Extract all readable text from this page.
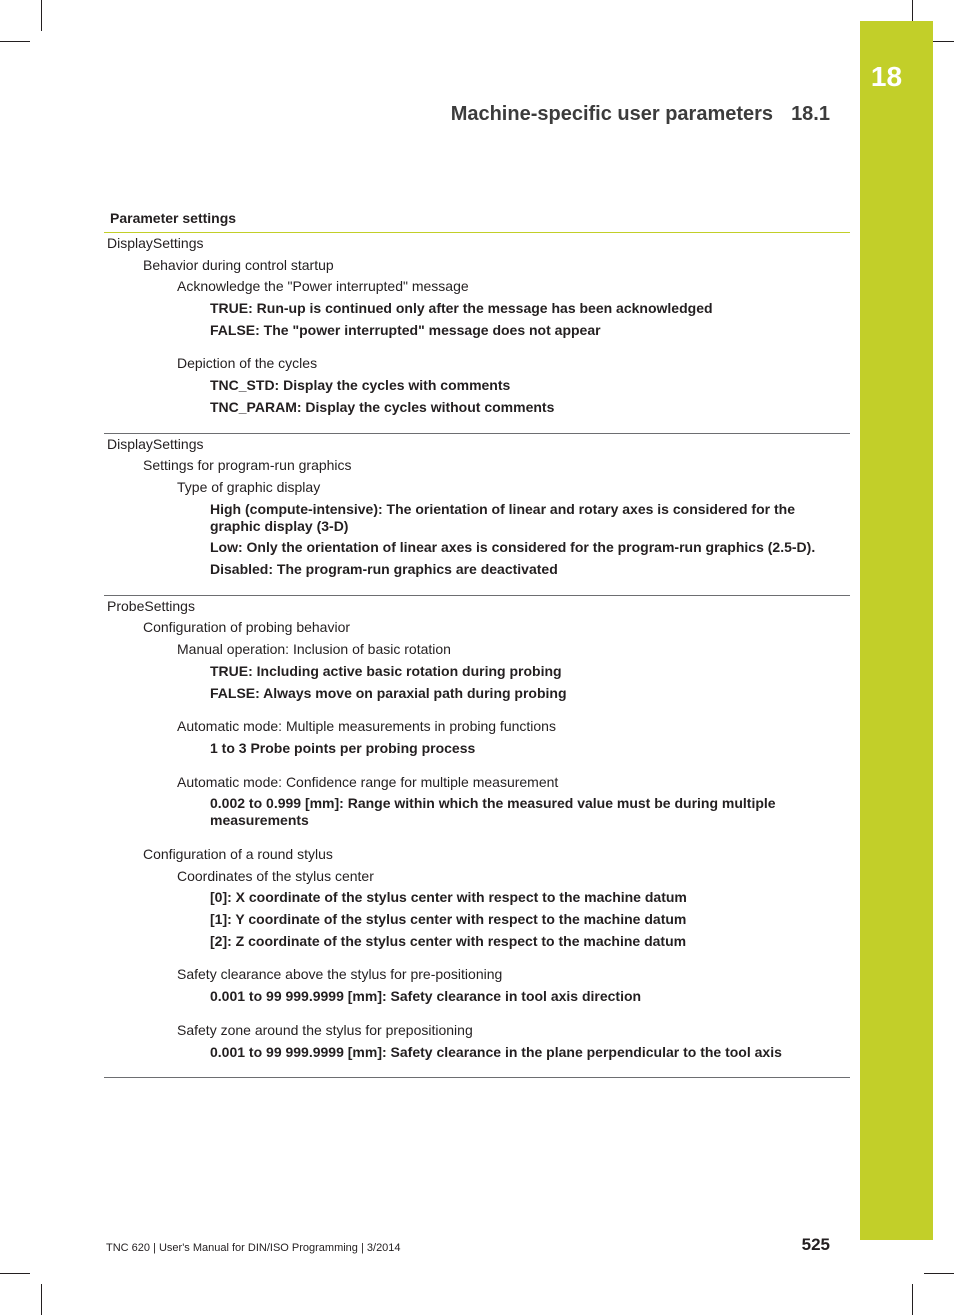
18
Machine-specific user parameters 18.1
Parameter settings
DisplaySettings
Behavior during control startup
Acknowledge the "Power interrupted" message
TRUE: Run-up is continued only after the message has been acknowledged
FALSE: The "power interrupted" message does not appear
Depiction of the cycles
TNC_STD: Display the cycles with comments
TNC_PARAM: Display the cycles without comments
DisplaySettings
Settings for program-run graphics
Type of graphic display
High (compute-intensive): The orientation of linear and rotary axes is considered for the graphic display (3-D)
Low: Only the orientation of linear axes is considered for the program-run graphics (2.5-D).
Disabled: The program-run graphics are deactivated
ProbeSettings
Configuration of probing behavior
Manual operation: Inclusion of basic rotation
TRUE: Including active basic rotation during probing
FALSE: Always move on paraxial path during probing
Automatic mode: Multiple measurements in probing functions
1 to 3 Probe points per probing process
Automatic mode: Confidence range for multiple measurement
0.002 to 0.999 [mm]: Range within which the measured value must be during multiple measurements
Configuration of a round stylus
Coordinates of the stylus center
[0]: X coordinate of the stylus center with respect to the machine datum
[1]: Y coordinate of the stylus center with respect to the machine datum
[2]: Z coordinate of the stylus center with respect to the machine datum
Safety clearance above the stylus for pre-positioning
0.001 to 99 999.9999 [mm]: Safety clearance in tool axis direction
Safety zone around the stylus for prepositioning
0.001 to 99 999.9999 [mm]: Safety clearance in the plane perpendicular to the tool axis
TNC 620 | User's Manual for DIN/ISO Programming | 3/2014	525
